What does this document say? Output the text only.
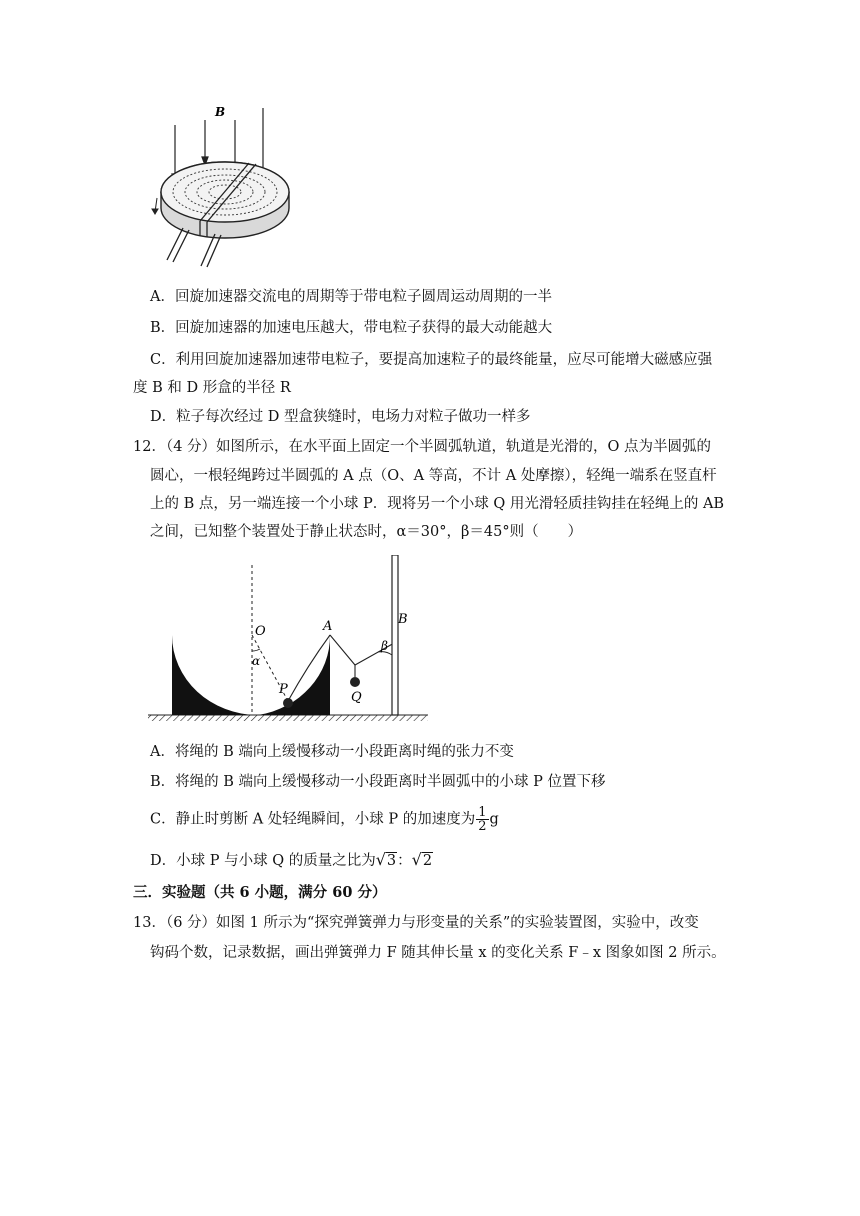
B
A．回旋加速器交流电的周期等于带电粒子圆周运动周期的一半
B．回旋加速器的加速电压越大，带电粒子获得的最大动能越大
C．利用回旋加速器加速带电粒子，要提高加速粒子的最终能量，应尽可能增大磁感应强
度 B 和 D 形盒的半径 R
D．粒子每次经过 D 型盒狭缝时，电场力对粒子做功一样多
12．（4 分）如图所示，在水平面上固定一个半圆弧轨道，轨道是光滑的，O 点为半圆弧的
圆心，一根轻绳跨过半圆弧的 A 点（O、A 等高，不计 A 处摩擦），轻绳一端系在竖直杆
上的 B 点，另一端连接一个小球 P．现将另一个小球 Q 用光滑轻质挂钩挂在轻绳上的 AB
之间，已知整个装置处于静止状态时，α＝30°，β＝45°则（　　）
O	A	B
P
Q
α
β
A．将绳的 B 端向上缓慢移动一小段距离时绳的张力不变
B．将绳的 B 端向上缓慢移动一小段距离时半圆弧中的小球 P 位置下移
C．静止时剪断 A 处轻绳瞬间，小球 P 的加速度为 $\frac{1}{2}$ g
D．小球 P 与小球 Q 的质量之比为√3：√2
三．实验题（共 6 小题，满分 60 分）
13．（6 分）如图 1 所示为“探究弹簧弹力与形变量的关系”的实验装置图，实验中，改变
钩码个数，记录数据，画出弹簧弹力 F 随其伸长量 x 的变化关系 F﹣x 图象如图 2 所示。
